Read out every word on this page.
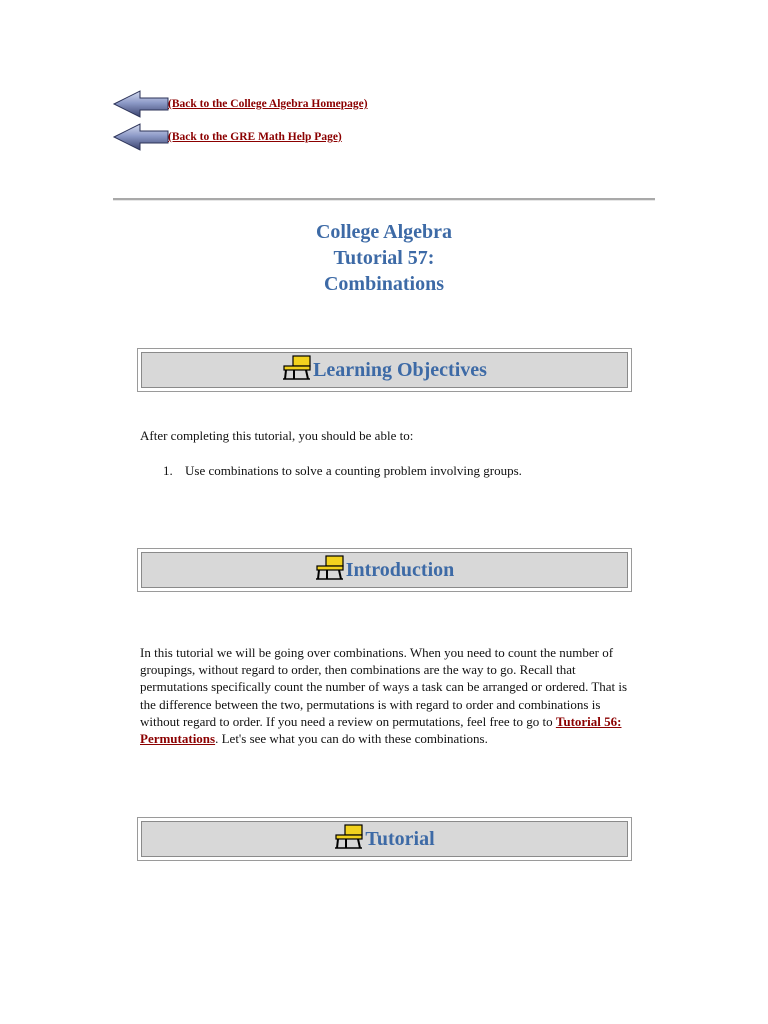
(Back to the College Algebra Homepage)
(Back to the GRE Math Help Page)
College Algebra
Tutorial 57:
Combinations
Learning Objectives
After completing this tutorial, you should be able to:
1. Use combinations to solve a counting problem involving groups.
Introduction
In this tutorial we will be going over combinations. When you need to count the number of groupings, without regard to order, then combinations are the way to go. Recall that permutations specifically count the number of ways a task can be arranged or ordered. That is the difference between the two, permutations is with regard to order and combinations is without regard to order. If you need a review on permutations, feel free to go to Tutorial 56: Permutations. Let's see what you can do with these combinations.
Tutorial
